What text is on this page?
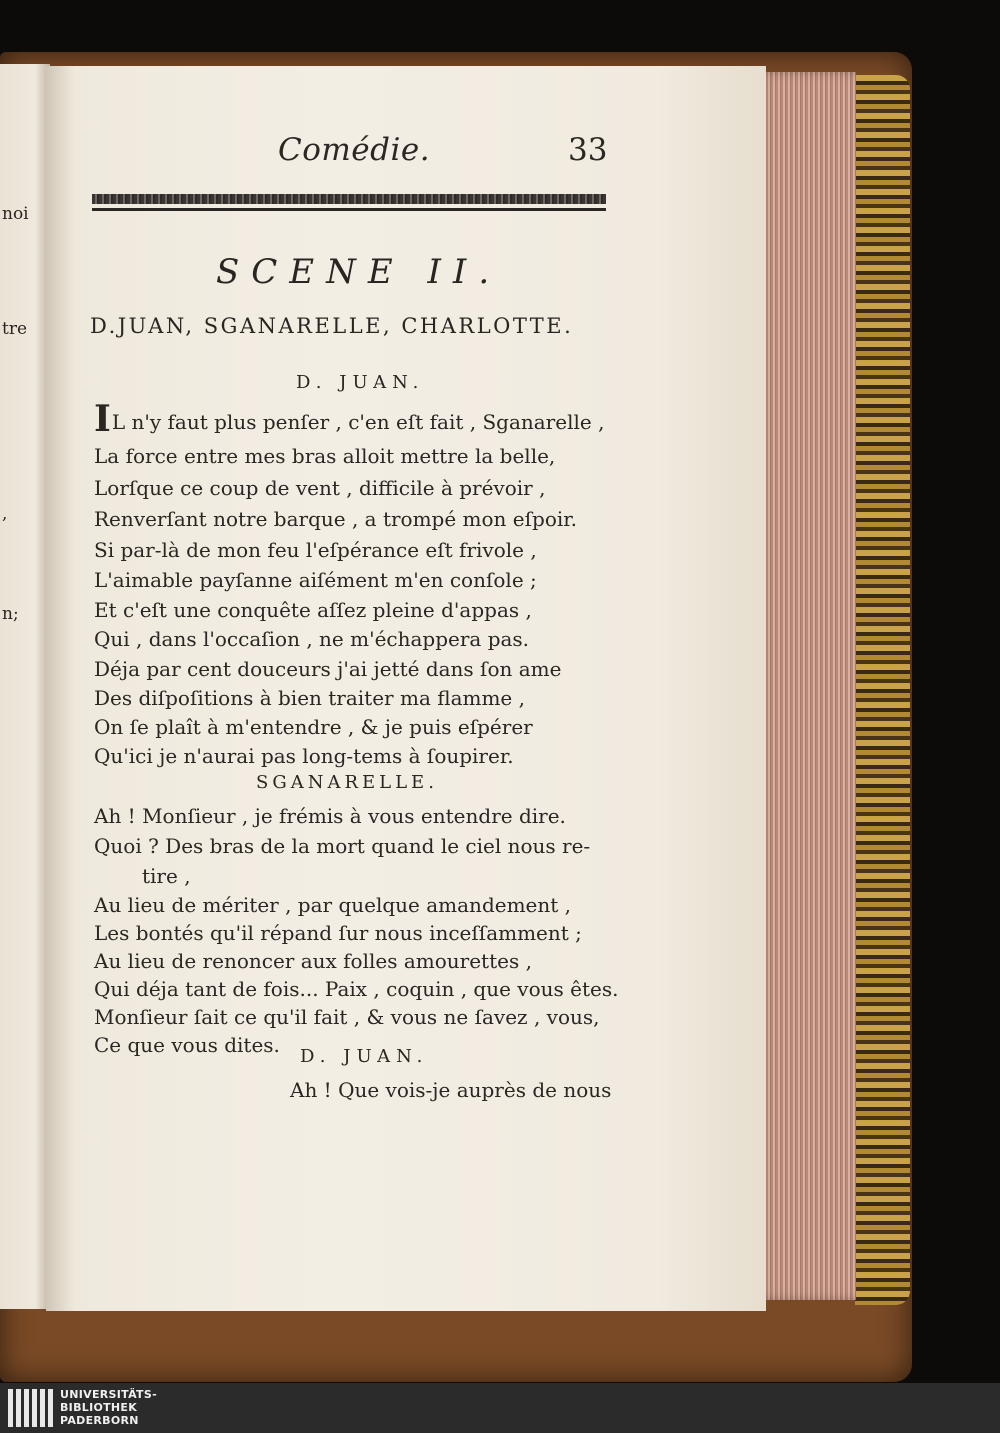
noi
tre
,
n;
Comédie.	33
SCENE II.
D.JUAN, SGANARELLE, CHARLOTTE.
D. JUAN.
IL n'y faut plus penſer , c'en eſt fait , Sganarelle ,
La force entre mes bras alloit mettre la belle,
Lorſque ce coup de vent , difficile à prévoir ,
Renverſant notre barque , a trompé mon eſpoir.
Si par-là de mon feu l'eſpérance eſt frivole ,
L'aimable payſanne aiſément m'en conſole ;
Et c'eſt une conquête aſſez pleine d'appas ,
Qui , dans l'occaſion , ne m'échappera pas.
Déja par cent douceurs j'ai jetté dans ſon ame
Des diſpoſitions à bien traiter ma flamme ,
On ſe plaît à m'entendre , & je puis eſpérer
Qu'ici je n'aurai pas long-tems à ſoupirer.
SGANARELLE.
Ah ! Monſieur , je frémis à vous entendre dire.
Quoi ? Des bras de la mort quand le ciel nous re-
tire ,
Au lieu de mériter , par quelque amandement ,
Les bontés qu'il répand ſur nous inceſſamment ;
Au lieu de renoncer aux folles amourettes ,
Qui déja tant de fois... Paix , coquin , que vous êtes.
Monſieur ſait ce qu'il fait , & vous ne ſavez , vous,
Ce que vous dites. D. JUAN.
Ah ! Que vois-je auprès de nous
UNIVERSITÄTS-
BIBLIOTHEK
PADERBORN
